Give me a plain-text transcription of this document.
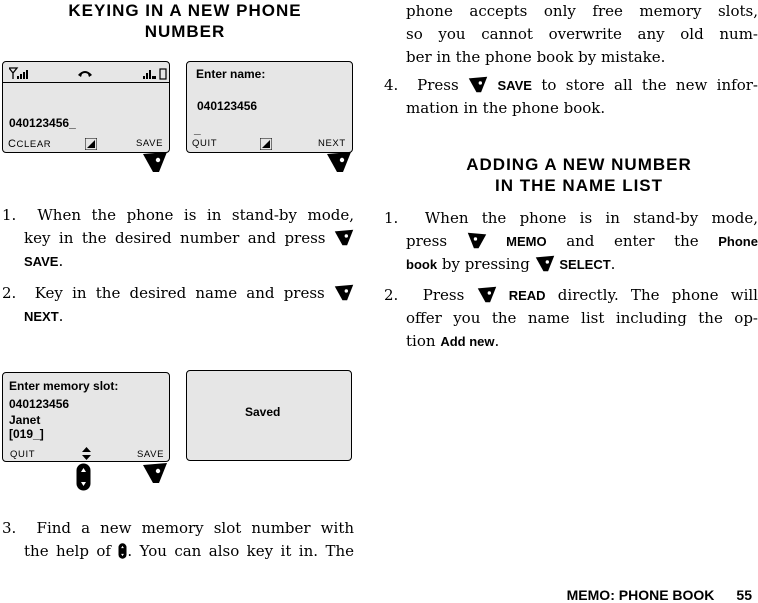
KEYING IN A NEW PHONE
NUMBER
040123456_
CCLEAR	SAVE
Enter name:
040123456
_
QUIT	NEXT
1. When the phone is in stand-by mode,
key in the desired number and press
SAVE.
2. Key in the desired name and press
NEXT.
Enter memory slot:
040123456
Janet
[019_]
QUIT	SAVE
Saved
3. Find a new memory slot number with
the help of . You can also key it in. The
phone accepts only free memory slots,
so you cannot overwrite any old num-
ber in the phone book by mistake.
4. Press	SAVE to store all the new infor-
mation in the phone book.
ADDING A NEW NUMBER
IN THE NAME LIST
1. When the phone is in stand-by mode,
press	MEMO and enter the Phone
book by pressing SELECT.
2. Press	READ directly. The phone will
offer you the name list including the op-
tion Add new.
MEMO: PHONE BOOK 55
